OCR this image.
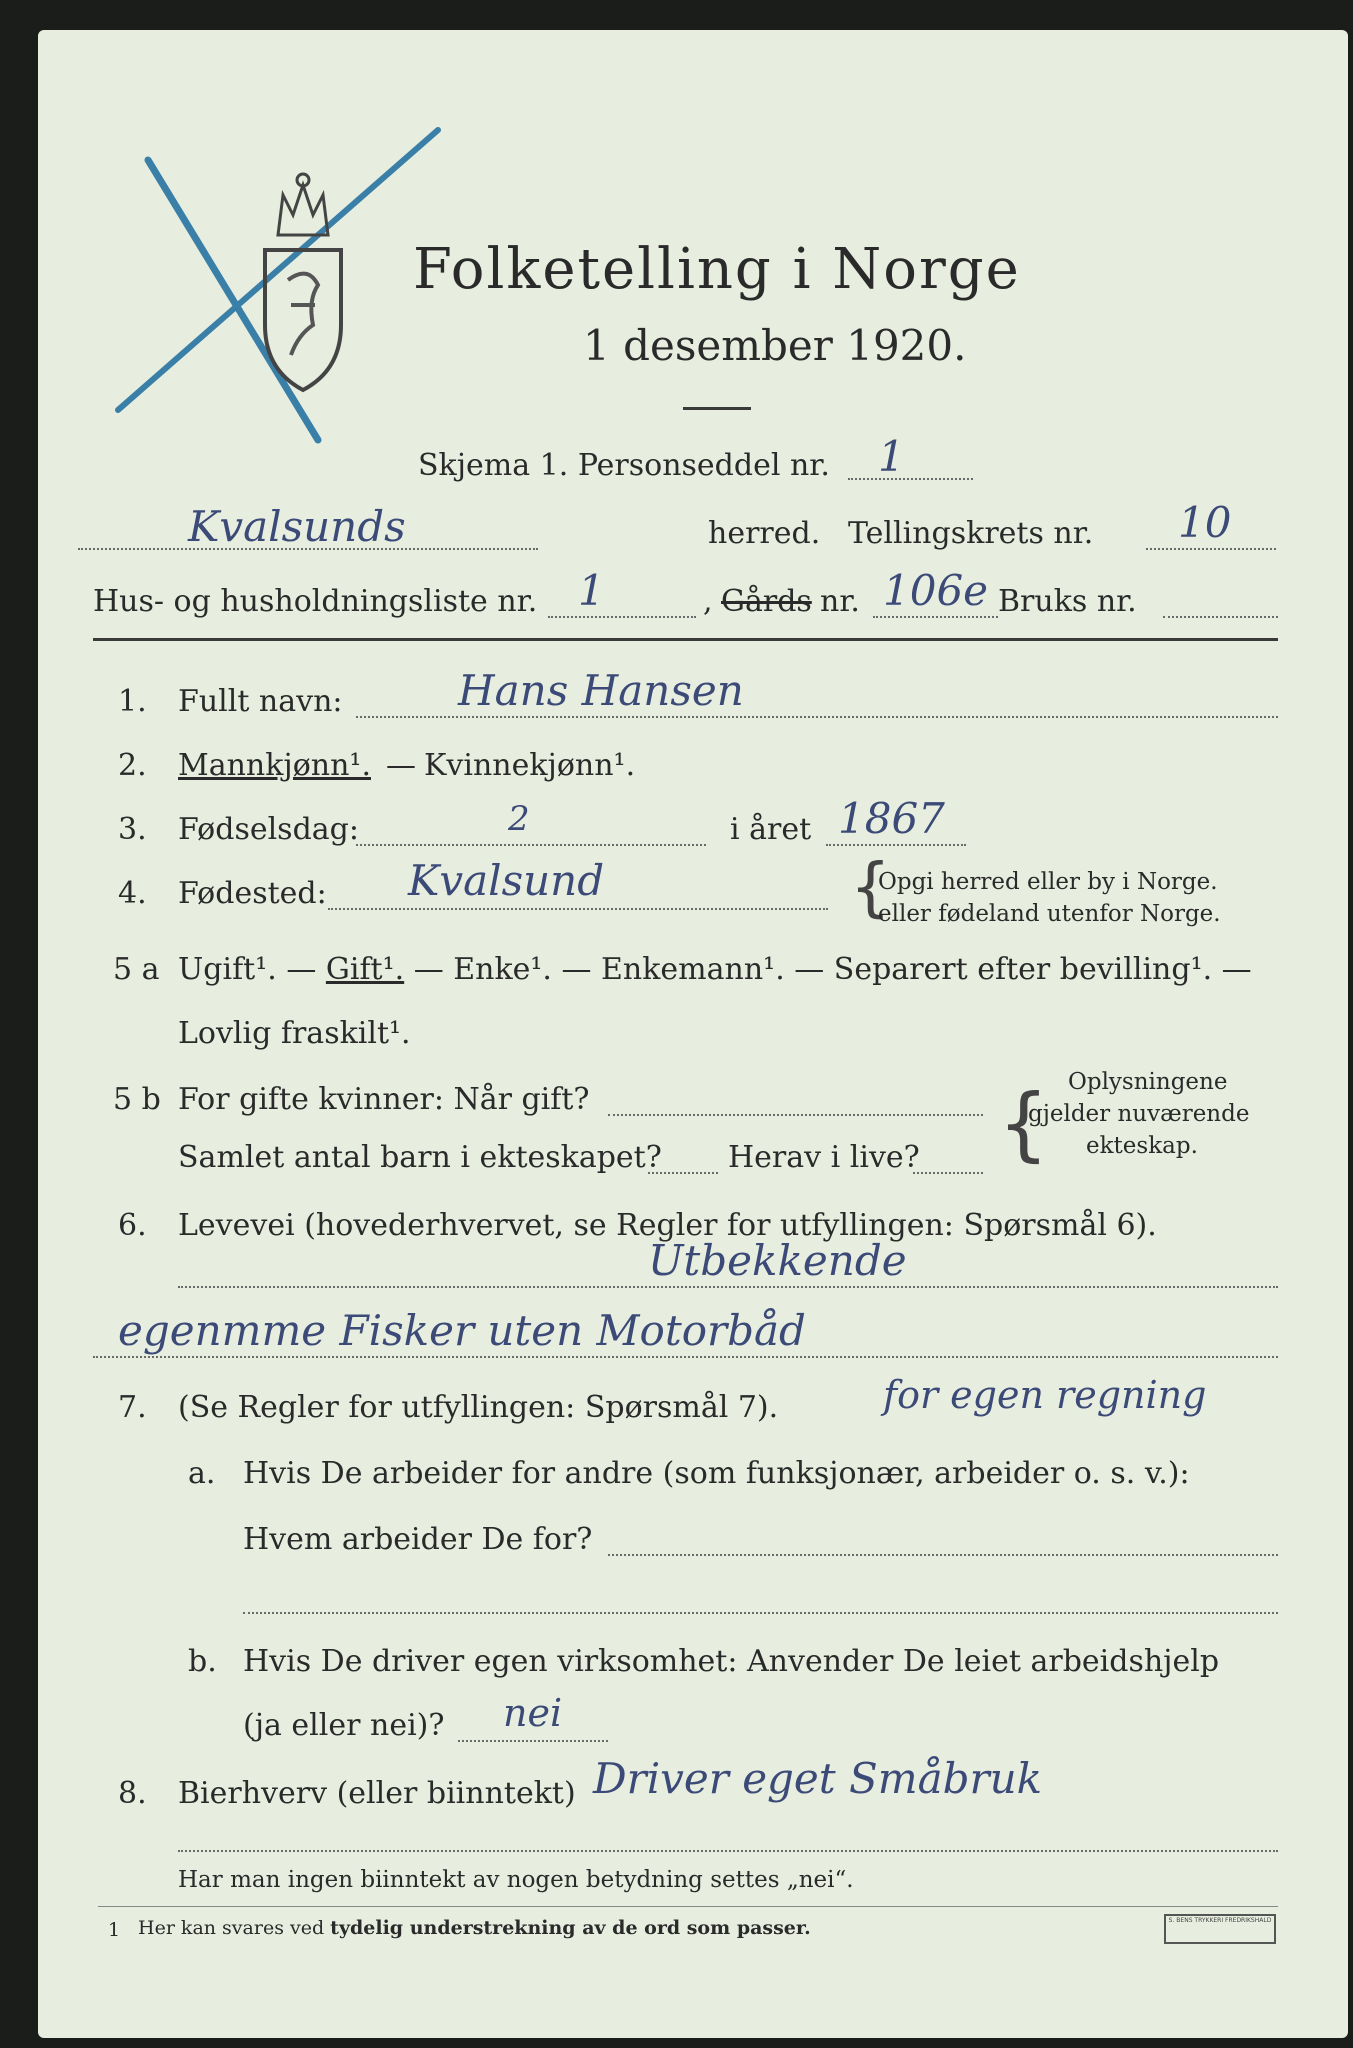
Folketelling i Norge
1 desember 1920.
Skjema 1. Personseddel nr. 1
Kvalsunds	herred. Tellingskrets nr. 10
Hus- og husholdningsliste nr. 1	, Gårds nr. 106e Bruks nr.
1. Fullt navn:	Hans Hansen
2. Mannkjønn¹. — Kvinnekjønn¹.
3. Fødselsdag:	2	i året 1867
4. Fødested: Kvalsund	{
Opgi herred eller by i Norge.
eller fødeland utenfor Norge.
5 a Ugift¹. — Gift¹. — Enke¹. — Enkemann¹. — Separert efter bevilling¹. —
Lovlig fraskilt¹.
5 b For gifte kvinner: Når gift?
Samlet antal barn i ekteskapet? Herav i live? { Oplysningene
gjelder nuværende
ekteskap.
6. Levevei (hovederhvervet, se Regler for utfyllingen: Spørsmål 6).
Utbekkende
egenmme Fisker uten Motorbåd
7. (Se Regler for utfyllingen: Spørsmål 7).	for egen regning
a. Hvis De arbeider for andre (som funksjonær, arbeider o. s. v.):
Hvem arbeider De for?
b. Hvis De driver egen virksomhet: Anvender De leiet arbeidshjelp
(ja eller nei)? nei
8. Bierhverv (eller biinntekt) Driver eget Småbruk
Har man ingen biinntekt av nogen betydning settes „nei“.
1 Her kan svares ved tydelig understrekning av de ord som passer.	S. BENS TRYKKERI FREDRIKSHALD
